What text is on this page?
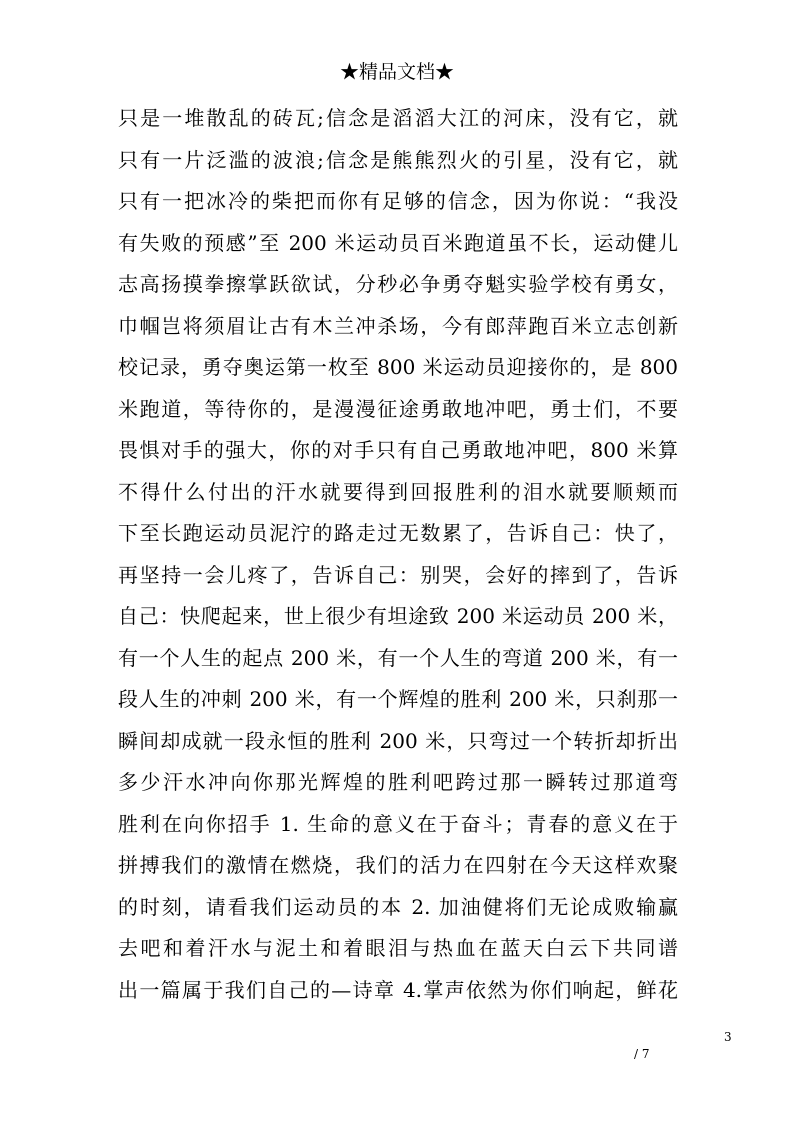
★精品文档★
只是一堆散乱的砖瓦;信念是滔滔大江的河床，没有它，就
只有一片泛滥的波浪;信念是熊熊烈火的引星，没有它，就
只有一把冰冷的柴把而你有足够的信念，因为你说：“我没
有失败的预感”至 200 米运动员百米跑道虽不长，运动健儿
志高扬摸拳擦掌跃欲试，分秒必争勇夺魁实验学校有勇女，
巾帼岂将须眉让古有木兰冲杀场，今有郎萍跑百米立志创新
校记录，勇夺奥运第一枚至 800 米运动员迎接你的，是 800
米跑道，等待你的，是漫漫征途勇敢地冲吧，勇士们，不要
畏惧对手的强大，你的对手只有自己勇敢地冲吧，800 米算
不得什么付出的汗水就要得到回报胜利的泪水就要顺颊而
下至长跑运动员泥泞的路走过无数累了，告诉自己：快了，
再坚持一会儿疼了，告诉自己：别哭，会好的摔到了，告诉
自己：快爬起来，世上很少有坦途致 200 米运动员 200 米，
有一个人生的起点 200 米，有一个人生的弯道 200 米，有一
段人生的冲刺 200 米，有一个辉煌的胜利 200 米，只刹那一
瞬间却成就一段永恒的胜利 200 米，只弯过一个转折却折出
多少汗水冲向你那光辉煌的胜利吧跨过那一瞬转过那道弯
胜利在向你招手 1. 生命的意义在于奋斗；青春的意义在于
拼搏我们的激情在燃烧，我们的活力在四射在今天这样欢聚
的时刻，请看我们运动员的本 2. 加油健将们无论成败输赢
去吧和着汗水与泥土和着眼泪与热血在蓝天白云下共同谱
出一篇属于我们自己的—诗章 4.掌声依然为你们响起，鲜花
3
/ 7
